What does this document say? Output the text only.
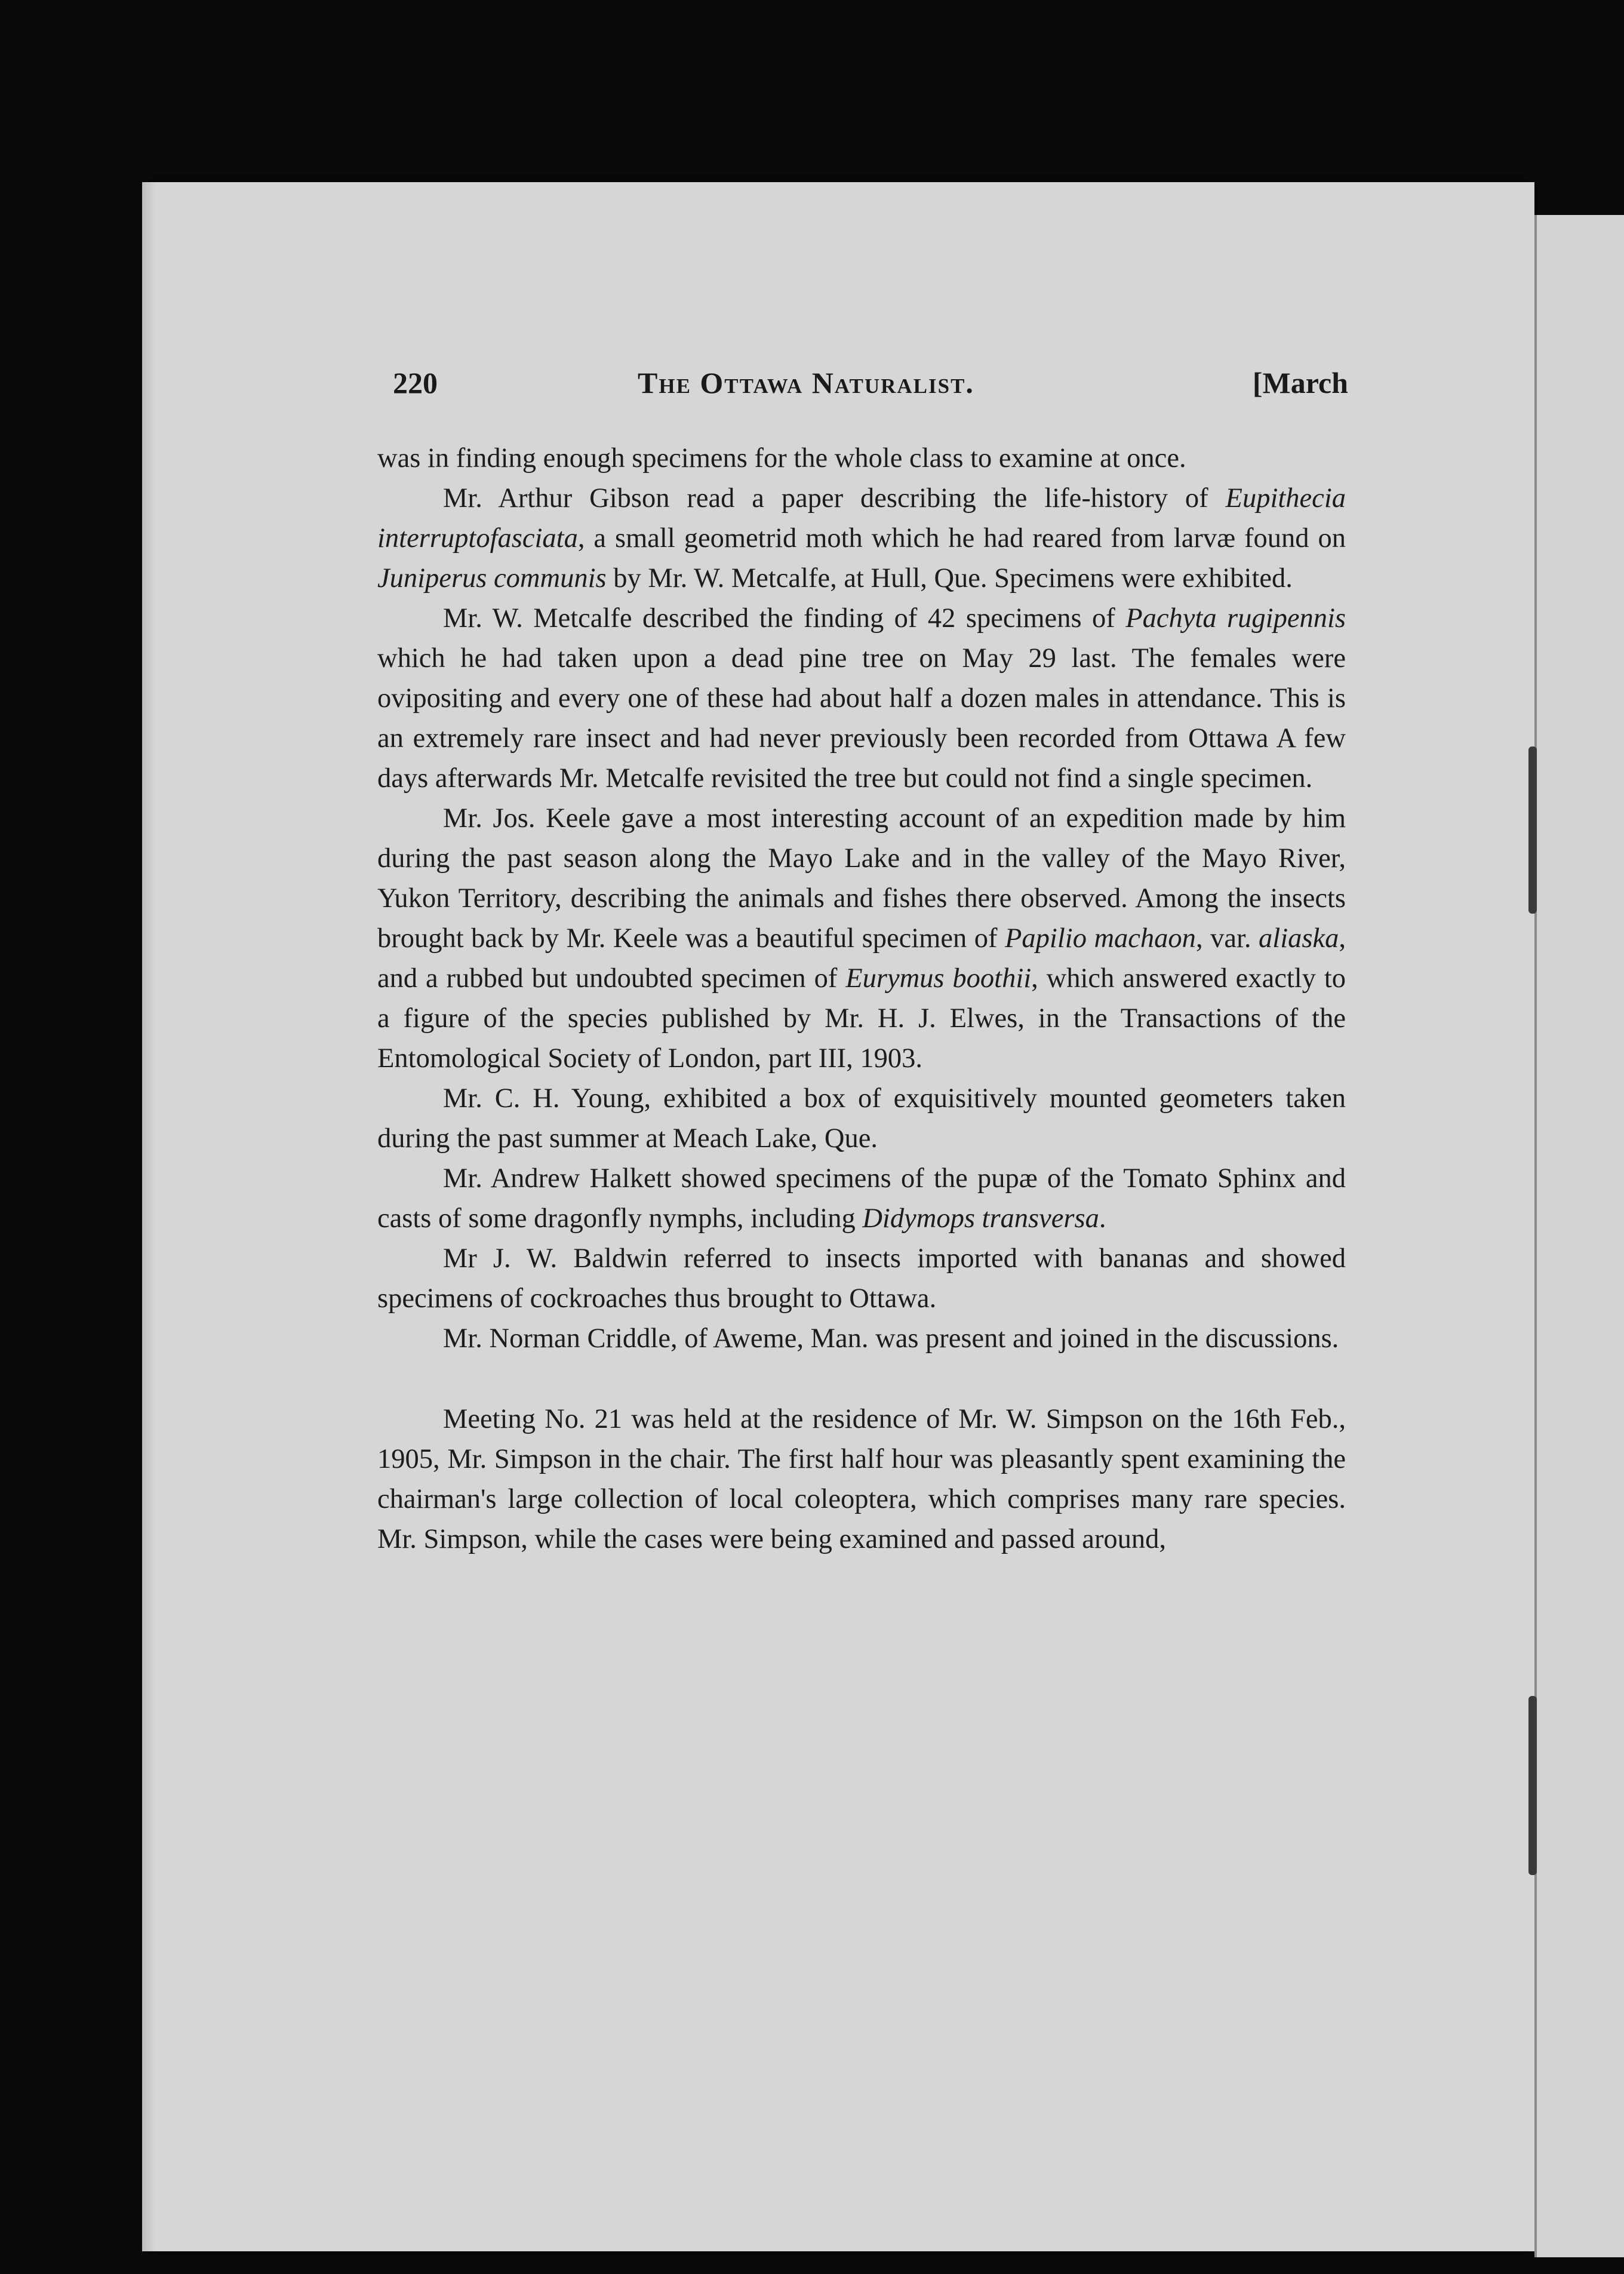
220	The Ottawa Naturalist.	[March

was in finding enough specimens for the whole class to examine at once.

Mr. Arthur Gibson read a paper describing the life-history of Eupithecia interruptofasciata, a small geometrid moth which he had reared from larvæ found on Juniperus communis by Mr. W. Metcalfe, at Hull, Que. Specimens were exhibited.

Mr. W. Metcalfe described the finding of 42 specimens of Pachyta rugipennis which he had taken upon a dead pine tree on May 29 last. The females were ovipositing and every one of these had about half a dozen males in attendance. This is an extremely rare insect and had never previously been recorded from Ottawa A few days afterwards Mr. Metcalfe revisited the tree but could not find a single specimen.

Mr. Jos. Keele gave a most interesting account of an expedition made by him during the past season along the Mayo Lake and in the valley of the Mayo River, Yukon Territory, describing the animals and fishes there observed. Among the insects brought back by Mr. Keele was a beautiful specimen of Papilio machaon, var. aliaska, and a rubbed but undoubted specimen of Eurymus boothii, which answered exactly to a figure of the species published by Mr. H. J. Elwes, in the Transactions of the Entomological Society of London, part III, 1903.

Mr. C. H. Young, exhibited a box of exquisitively mounted geometers taken during the past summer at Meach Lake, Que.

Mr. Andrew Halkett showed specimens of the pupæ of the Tomato Sphinx and casts of some dragonfly nymphs, including Didymops transversa.

Mr J. W. Baldwin referred to insects imported with bananas and showed specimens of cockroaches thus brought to Ottawa.

Mr. Norman Criddle, of Aweme, Man. was present and joined in the discussions.

Meeting No. 21 was held at the residence of Mr. W. Simpson on the 16th Feb., 1905, Mr. Simpson in the chair. The first half hour was pleasantly spent examining the chairman's large collection of local coleoptera, which comprises many rare species. Mr. Simpson, while the cases were being examined and passed around,
